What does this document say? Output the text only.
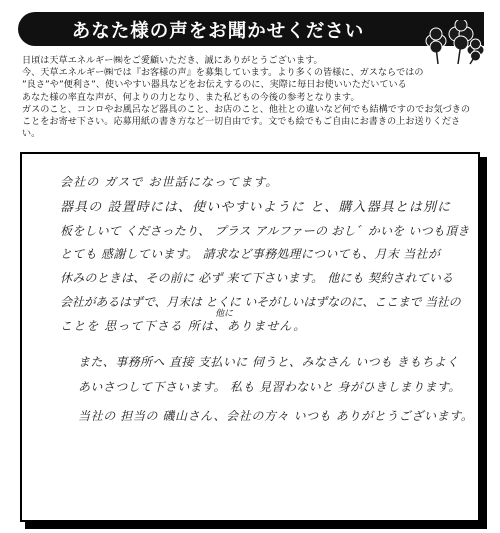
あなた様の声をお聞かせください
日頃は天草エネルギー㈱をご愛顧いただき、誠にありがとうございます。
今、天草エネルギー㈱では『お客様の声』を募集しています。より多くの皆様に、ガスならではの
”良さ”や”便利さ”、使いやすい器具などをお伝えするのに、実際に毎日お使いいただいている
あなた様の率直な声が、何よりの力となり、また私どもの今後の参考となります。
ガスのこと、コンロやお風呂など器具のこと、お店のこと、他社との違いなど何でも結構ですのでお気づきのことをお寄せ下さい。応募用紙の書き方など一切自由です。文でも絵でもご自由にお書きの上お送りください。
会社の ガスで お世話になってます。
器具の 設置時には、使いやすいように と、購入器具とは別に
板をしいて くださったり、 プラス アルファーの おし゛かいを いつも頂き
とても 感謝しています。 請求など事務処理についても、月末 当社が
休みのときは、その前に 必ず 来て下さいます。 他にも 契約されている
会社があるはずで、月末は とくに いそがしいはずなのに、ここまで 当社の
ことを 思って下さる 所は、ありません。
他に
また、事務所へ 直接 支払いに 伺うと、みなさん いつも きもちよく
あいさつして下さいます。 私も 見習わないと 身がひきしまります。
当社の 担当の 磯山さん、会社の方々 いつも ありがとうございます。
